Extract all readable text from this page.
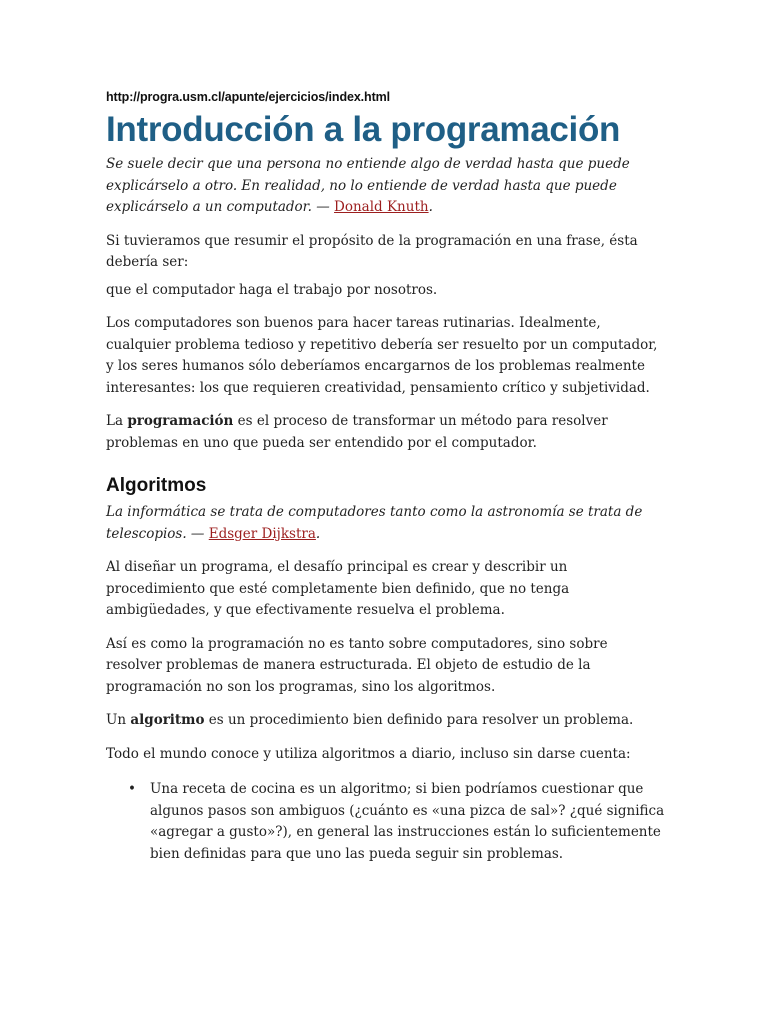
http://progra.usm.cl/apunte/ejercicios/index.html
Introducción a la programación
Se suele decir que una persona no entiende algo de verdad hasta que puede explicárselo a otro. En realidad, no lo entiende de verdad hasta que puede explicárselo a un computador. — Donald Knuth.

Si tuvieramos que resumir el propósito de la programación en una frase, ésta debería ser:

que el computador haga el trabajo por nosotros.

Los computadores son buenos para hacer tareas rutinarias. Idealmente, cualquier problema tedioso y repetitivo debería ser resuelto por un computador, y los seres humanos sólo deberíamos encargarnos de los problemas realmente interesantes: los que requieren creatividad, pensamiento crítico y subjetividad.

La programación es el proceso de transformar un método para resolver problemas en uno que pueda ser entendido por el computador.

Algoritmos
La informática se trata de computadores tanto como la astronomía se trata de telescopios. — Edsger Dijkstra.

Al diseñar un programa, el desafío principal es crear y describir un procedimiento que esté completamente bien definido, que no tenga ambigüedades, y que efectivamente resuelva el problema.

Así es como la programación no es tanto sobre computadores, sino sobre resolver problemas de manera estructurada. El objeto de estudio de la programación no son los programas, sino los algoritmos.

Un algoritmo es un procedimiento bien definido para resolver un problema.

Todo el mundo conoce y utiliza algoritmos a diario, incluso sin darse cuenta:

• Una receta de cocina es un algoritmo; si bien podríamos cuestionar que algunos pasos son ambiguos (¿cuánto es «una pizca de sal»? ¿qué significa «agregar a gusto»?), en general las instrucciones están lo suficientemente bien definidas para que uno las pueda seguir sin problemas.
